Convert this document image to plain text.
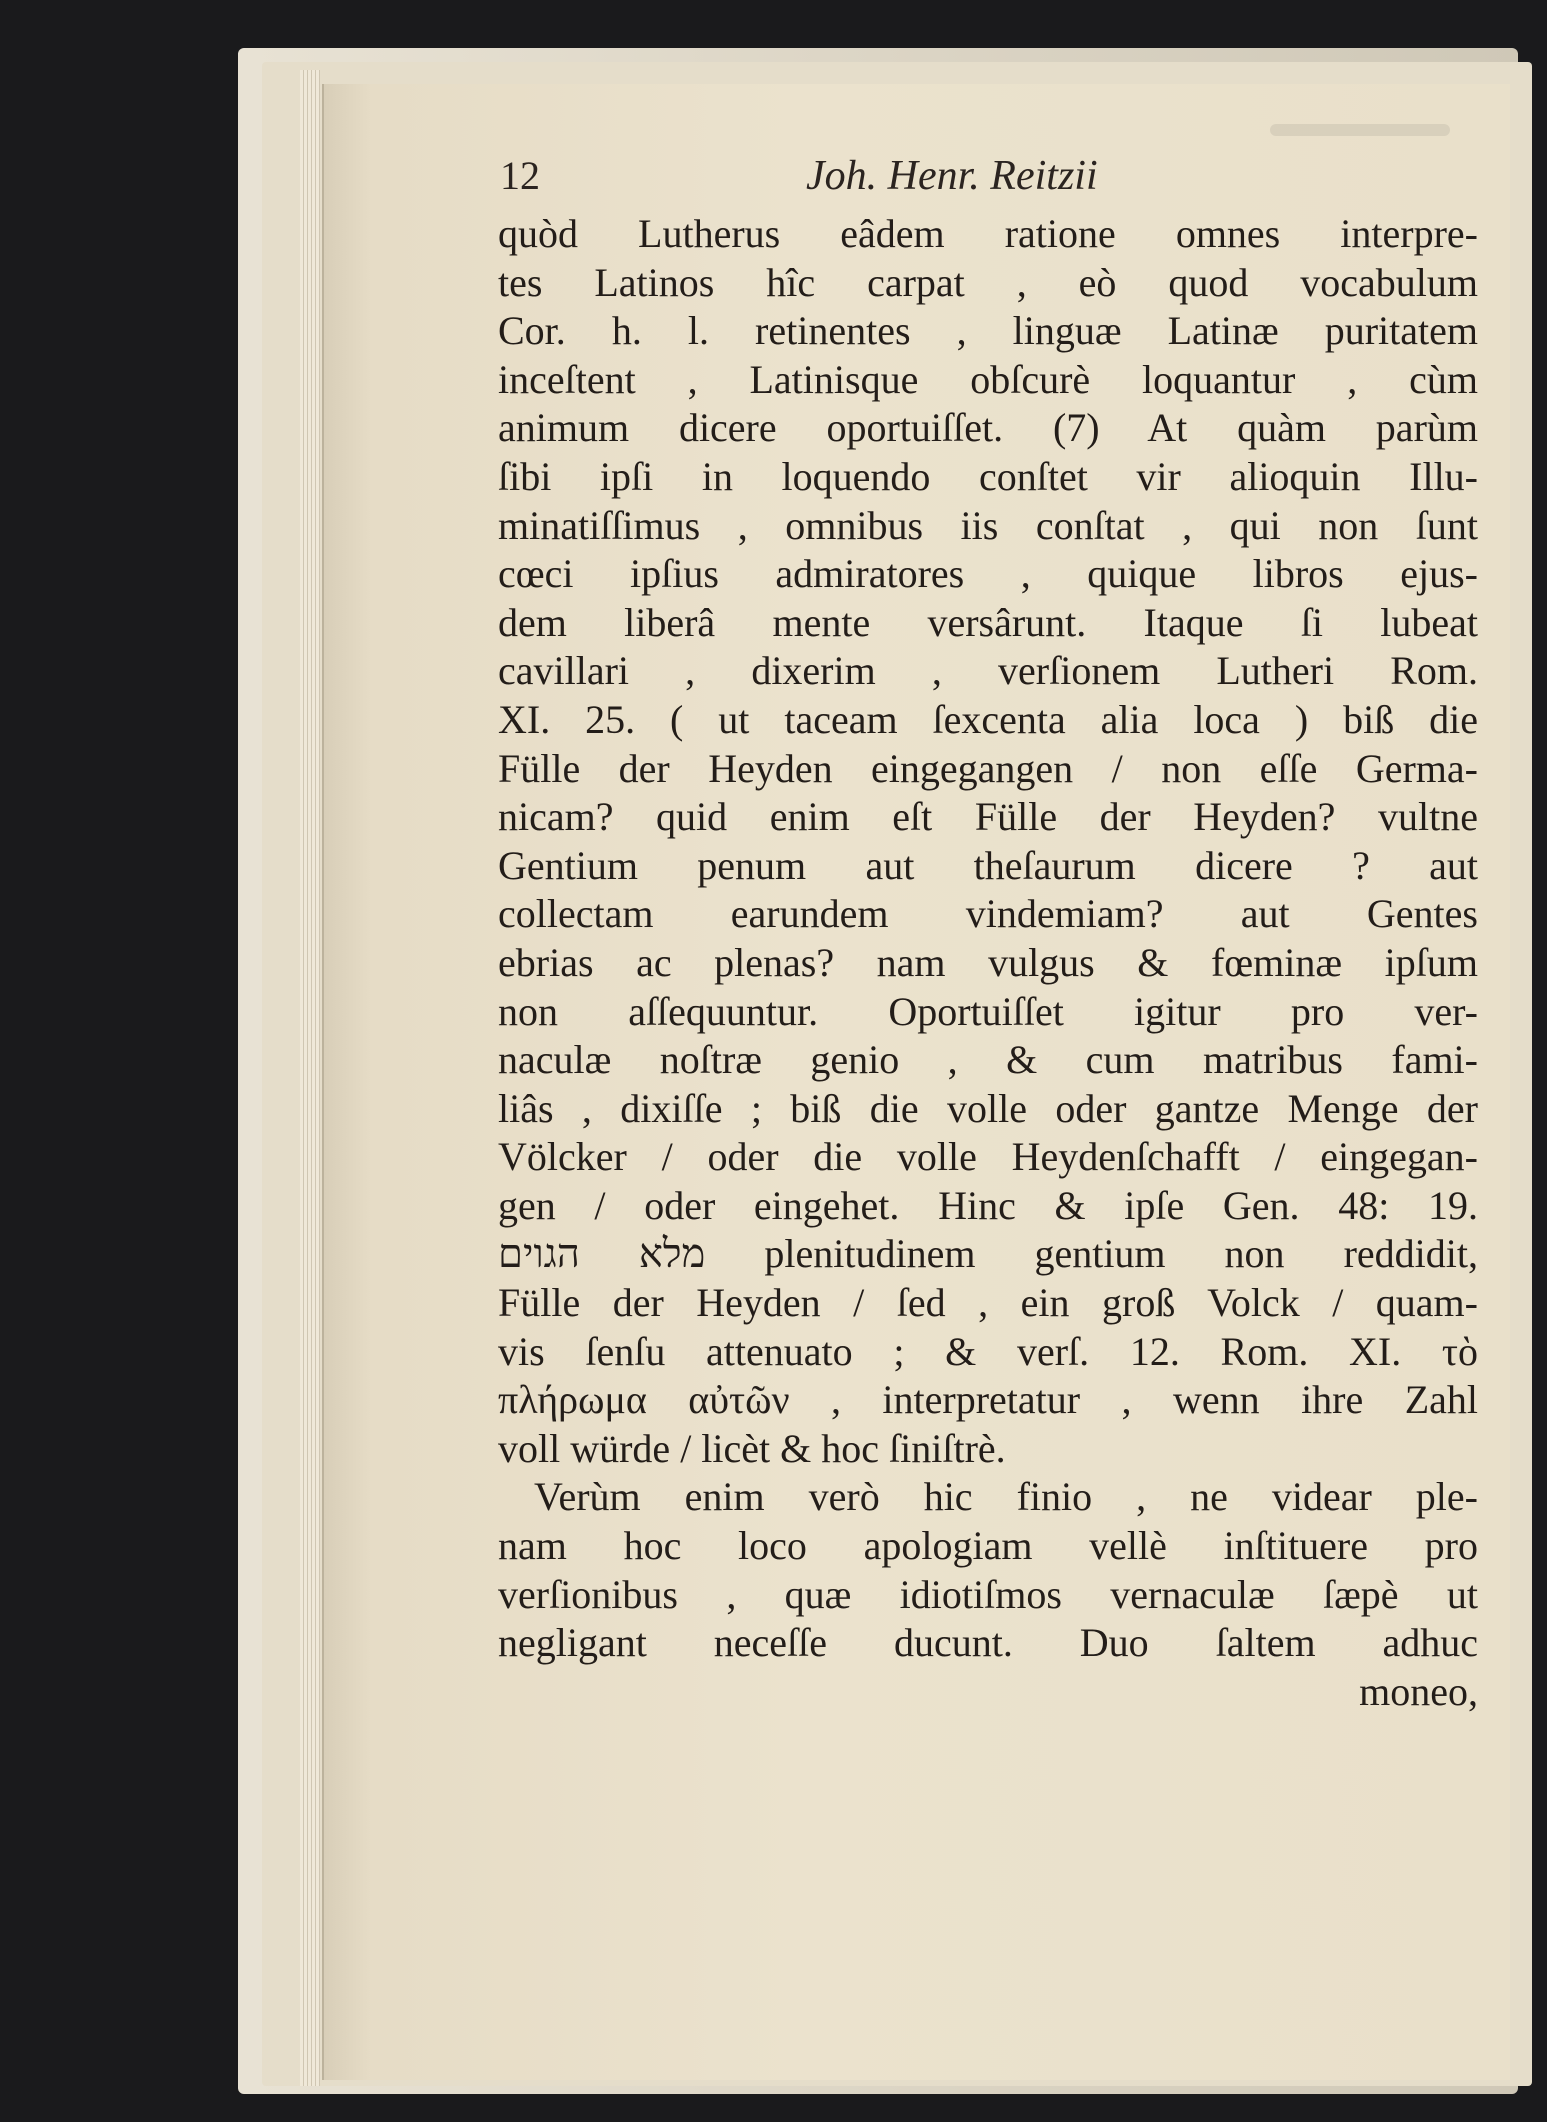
12	Joh. Henr. Reitzii
quòd Lutherus eâdem ratione omnes interpre-
tes Latinos hîc carpat , eò quod vocabulum
Cor. h. l. retinentes , linguæ Latinæ puritatem
inceſtent , Latinisque obſcurè loquantur , cùm
animum dicere oportuiſſet. (7) At quàm parùm
ſibi ipſi in loquendo conſtet vir alioquin Illu-
minatiſſimus , omnibus iis conſtat , qui non ſunt
cœci ipſius admiratores , quique libros ejus-
dem liberâ mente versârunt. Itaque ſi lubeat
cavillari , dixerim , verſionem Lutheri Rom.
XI. 25. ( ut taceam ſexcenta alia loca ) biß die
Fülle der Heyden eingegangen / non eſſe Germa-
nicam? quid enim eſt Fülle der Heyden? vultne
Gentium penum aut theſaurum dicere ? aut
collectam earundem vindemiam? aut Gentes
ebrias ac plenas? nam vulgus & fœminæ ipſum
non aſſequuntur. Oportuiſſet igitur pro ver-
naculæ noſtræ genio , & cum matribus fami-
liâs , dixiſſe ; biß die volle oder gantze Menge der
Völcker / oder die volle Heydenſchafft / eingegan-
gen / oder eingehet. Hinc & ipſe Gen. 48: 19.
מלא הגוים plenitudinem gentium non reddidit,
Fülle der Heyden / ſed , ein groß Volck / quam-
vis ſenſu attenuato ; & verſ. 12. Rom. XI. τὸ
πλήρωμα αὐτῶν , interpretatur , wenn ihre Zahl
voll würde / licèt & hoc ſiniſtrè.
Verùm enim verò hic finio , ne videar ple-
nam hoc loco apologiam vellè inſtituere pro
verſionibus , quæ idiotiſmos vernaculæ ſæpè ut
negligant neceſſe ducunt. Duo ſaltem adhuc
moneo,
